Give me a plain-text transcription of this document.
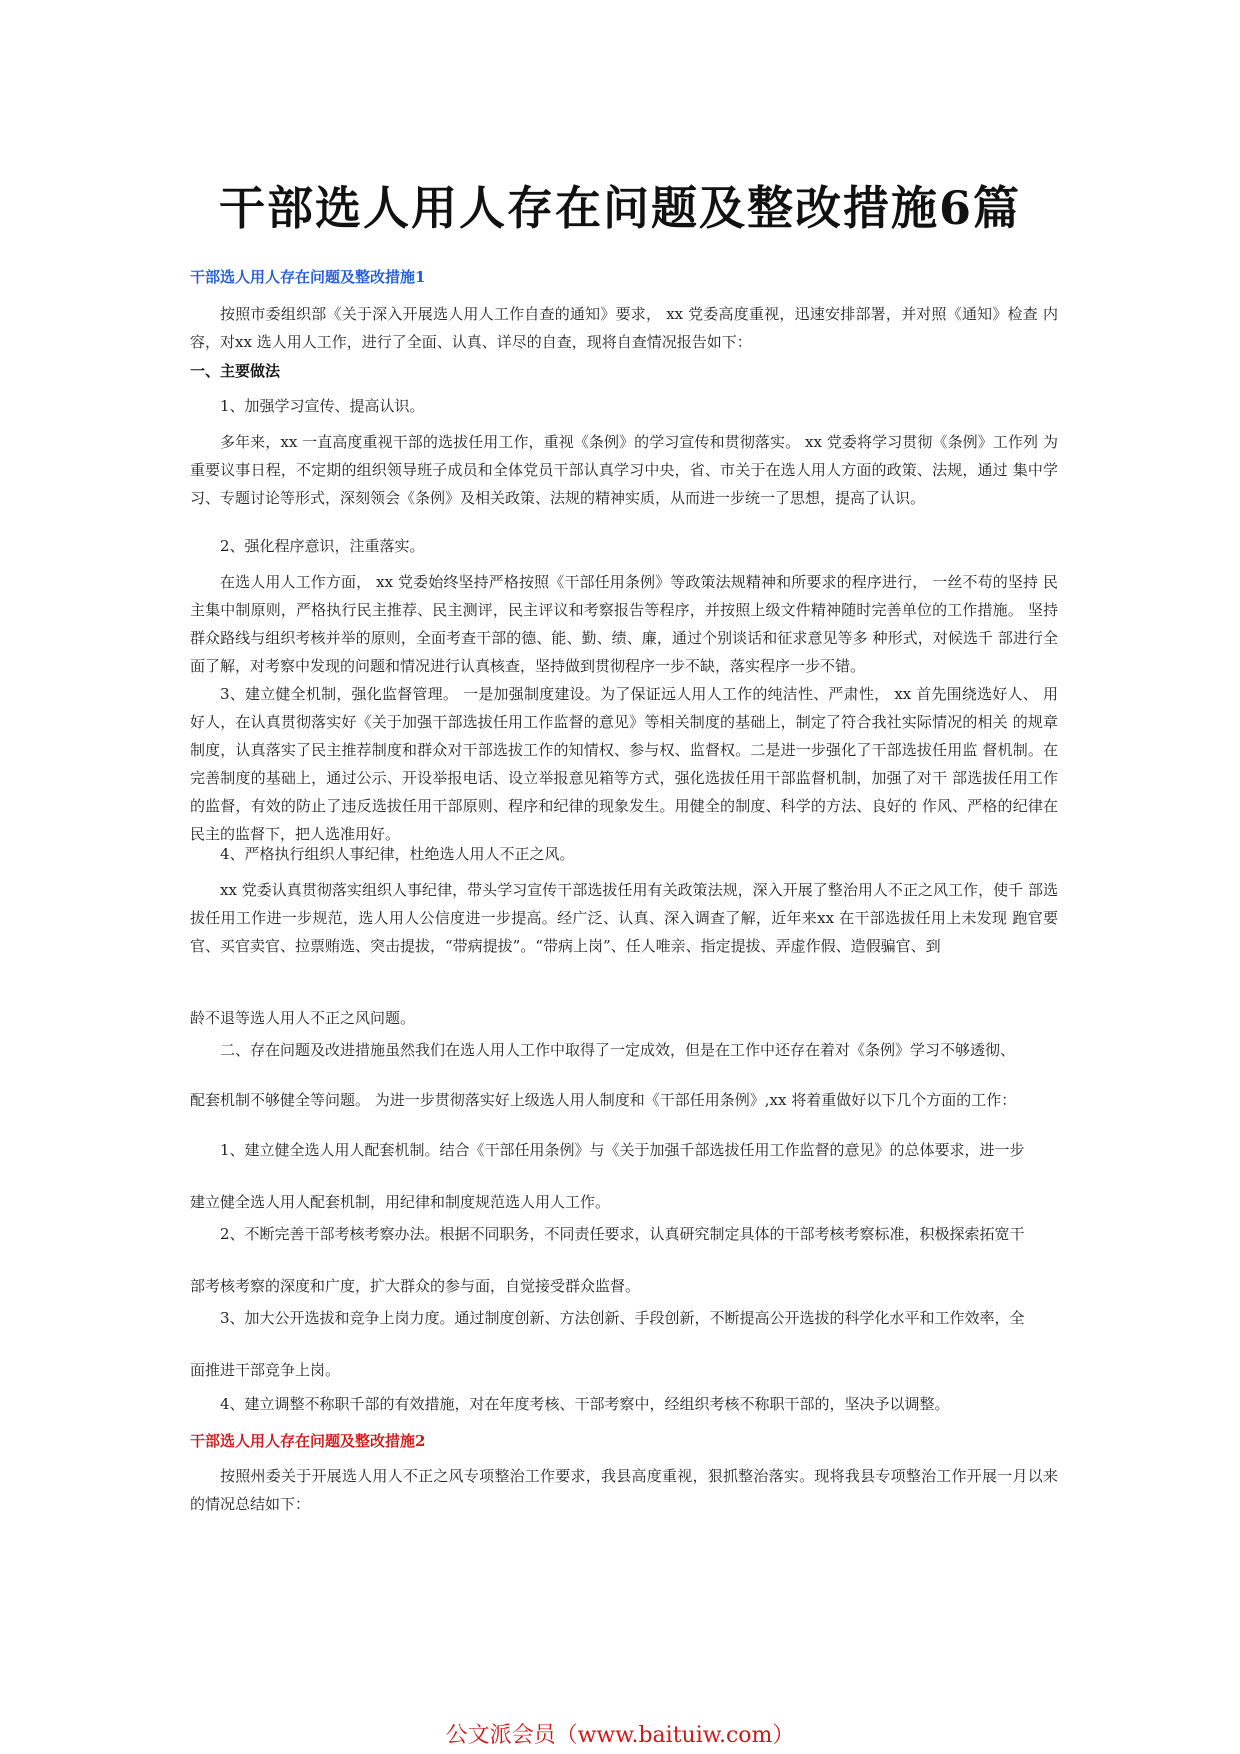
干部选人用人存在问题及整改措施6篇
干部选人用人存在问题及整改措施1
按照市委组织部《关于深入开展选人用人工作自查的通知》要求， xx 党委高度重视，迅速安排部署，并对照《通知》检查 内容，对xx 选人用人工作，进行了全面、认真、详尽的自查，现将自查情况报告如下：
一、主要做法
1、加强学习宣传、提高认识。
多年来，xx 一直高度重视干部的选拔任用工作，重视《条例》的学习宣传和贯彻落实。 xx 党委将学习贯彻《条例》工作列 为重要议事日程，不定期的组织领导班子成员和全体党员干部认真学习中央，省、市关于在选人用人方面的政策、法规，通过 集中学习、专题讨论等形式，深刻领会《条例》及相关政策、法规的精神实质，从而进一步统一了思想，提高了认识。
2、强化程序意识，注重落实。
在选人用人工作方面， xx 党委始终坚持严格按照《干部任用条例》等政策法规精神和所要求的程序进行， 一丝不苟的坚持 民主集中制原则，严格执行民主推荐、民主测评，民主评议和考察报告等程序，并按照上级文件精神随时完善单位的工作措施。 坚持群众路线与组织考核并举的原则，全面考查干部的德、能、勤、绩、廉，通过个别谈话和征求意见等多 种形式，对候选千 部进行全面了解，对考察中发现的问题和情况进行认真核查，坚持做到贯彻程序一步不缺，落实程序一步不错。
3、建立健全机制，强化监督管理。 一是加强制度建设。为了保证远人用人工作的纯洁性、严肃性， xx 首先围绕选好人、 用好人，在认真贯彻落实好《关于加强干部选拔任用工作监督的意见》等相关制度的基础上，制定了符合我社实际情况的相关 的规章制度，认真落实了民主推荐制度和群众对干部选拔工作的知情权、参与权、监督权。二是进一步强化了干部选拔任用监 督机制。在完善制度的基础上，通过公示、开设举报电话、设立举报意见箱等方式，强化选拔任用干部监督机制，加强了对干 部选拔任用工作的监督，有效的防止了违反选拔任用干部原则、程序和纪律的现象发生。用健全的制度、科学的方法、良好的 作风、严格的纪律在民主的监督下，把人选准用好。
4、严格执行组织人事纪律，杜绝选人用人不正之风。
xx 党委认真贯彻落实组织人事纪律，带头学习宣传干部选拔任用有关政策法规，深入开展了整治用人不正之风工作，使千 部选拔任用工作进一步规范，选人用人公信度进一步提高。经广泛、认真、深入调查了解，近年来xx 在干部选拔任用上未发现 跑官要官、买官卖官、拉票贿选、突击提拔，“带病提拔”。“带病上岗”、任人唯亲、指定提拔、弄虚作假、造假骗官、到
龄不退等选人用人不正之风问题。
二、存在问题及改进措施虽然我们在选人用人工作中取得了一定成效，但是在工作中还存在着对《条例》学习不够透彻、
配套机制不够健全等问题。 为进一步贯彻落实好上级选人用人制度和《干部任用条例》,xx 将着重做好以下几个方面的工作：
1、建立健全选人用人配套机制。结合《干部任用条例》与《关于加强千部选拔任用工作监督的意见》的总体要求，进一步
建立健全选人用人配套机制，用纪律和制度规范选人用人工作。
2、不断完善干部考核考察办法。根据不同职务，不同责任要求，认真研究制定具体的干部考核考察标准，积极探索拓宽干
部考核考察的深度和广度，扩大群众的参与面，自觉接受群众监督。
3、加大公开选拔和竞争上岗力度。通过制度创新、方法创新、手段创新，不断提高公开选拔的科学化水平和工作效率，全
面推进干部竞争上岗。
4、建立调整不称职千部的有效措施，对在年度考核、干部考察中，经组织考核不称职干部的，坚决予以调整。
干部选人用人存在问题及整改措施2
按照州委关于开展选人用人不正之风专项整治工作要求，我县高度重视，狠抓整治落实。现将我县专项整治工作开展一月以来的情况总结如下：
公文派会员（www.baituiw.com）
